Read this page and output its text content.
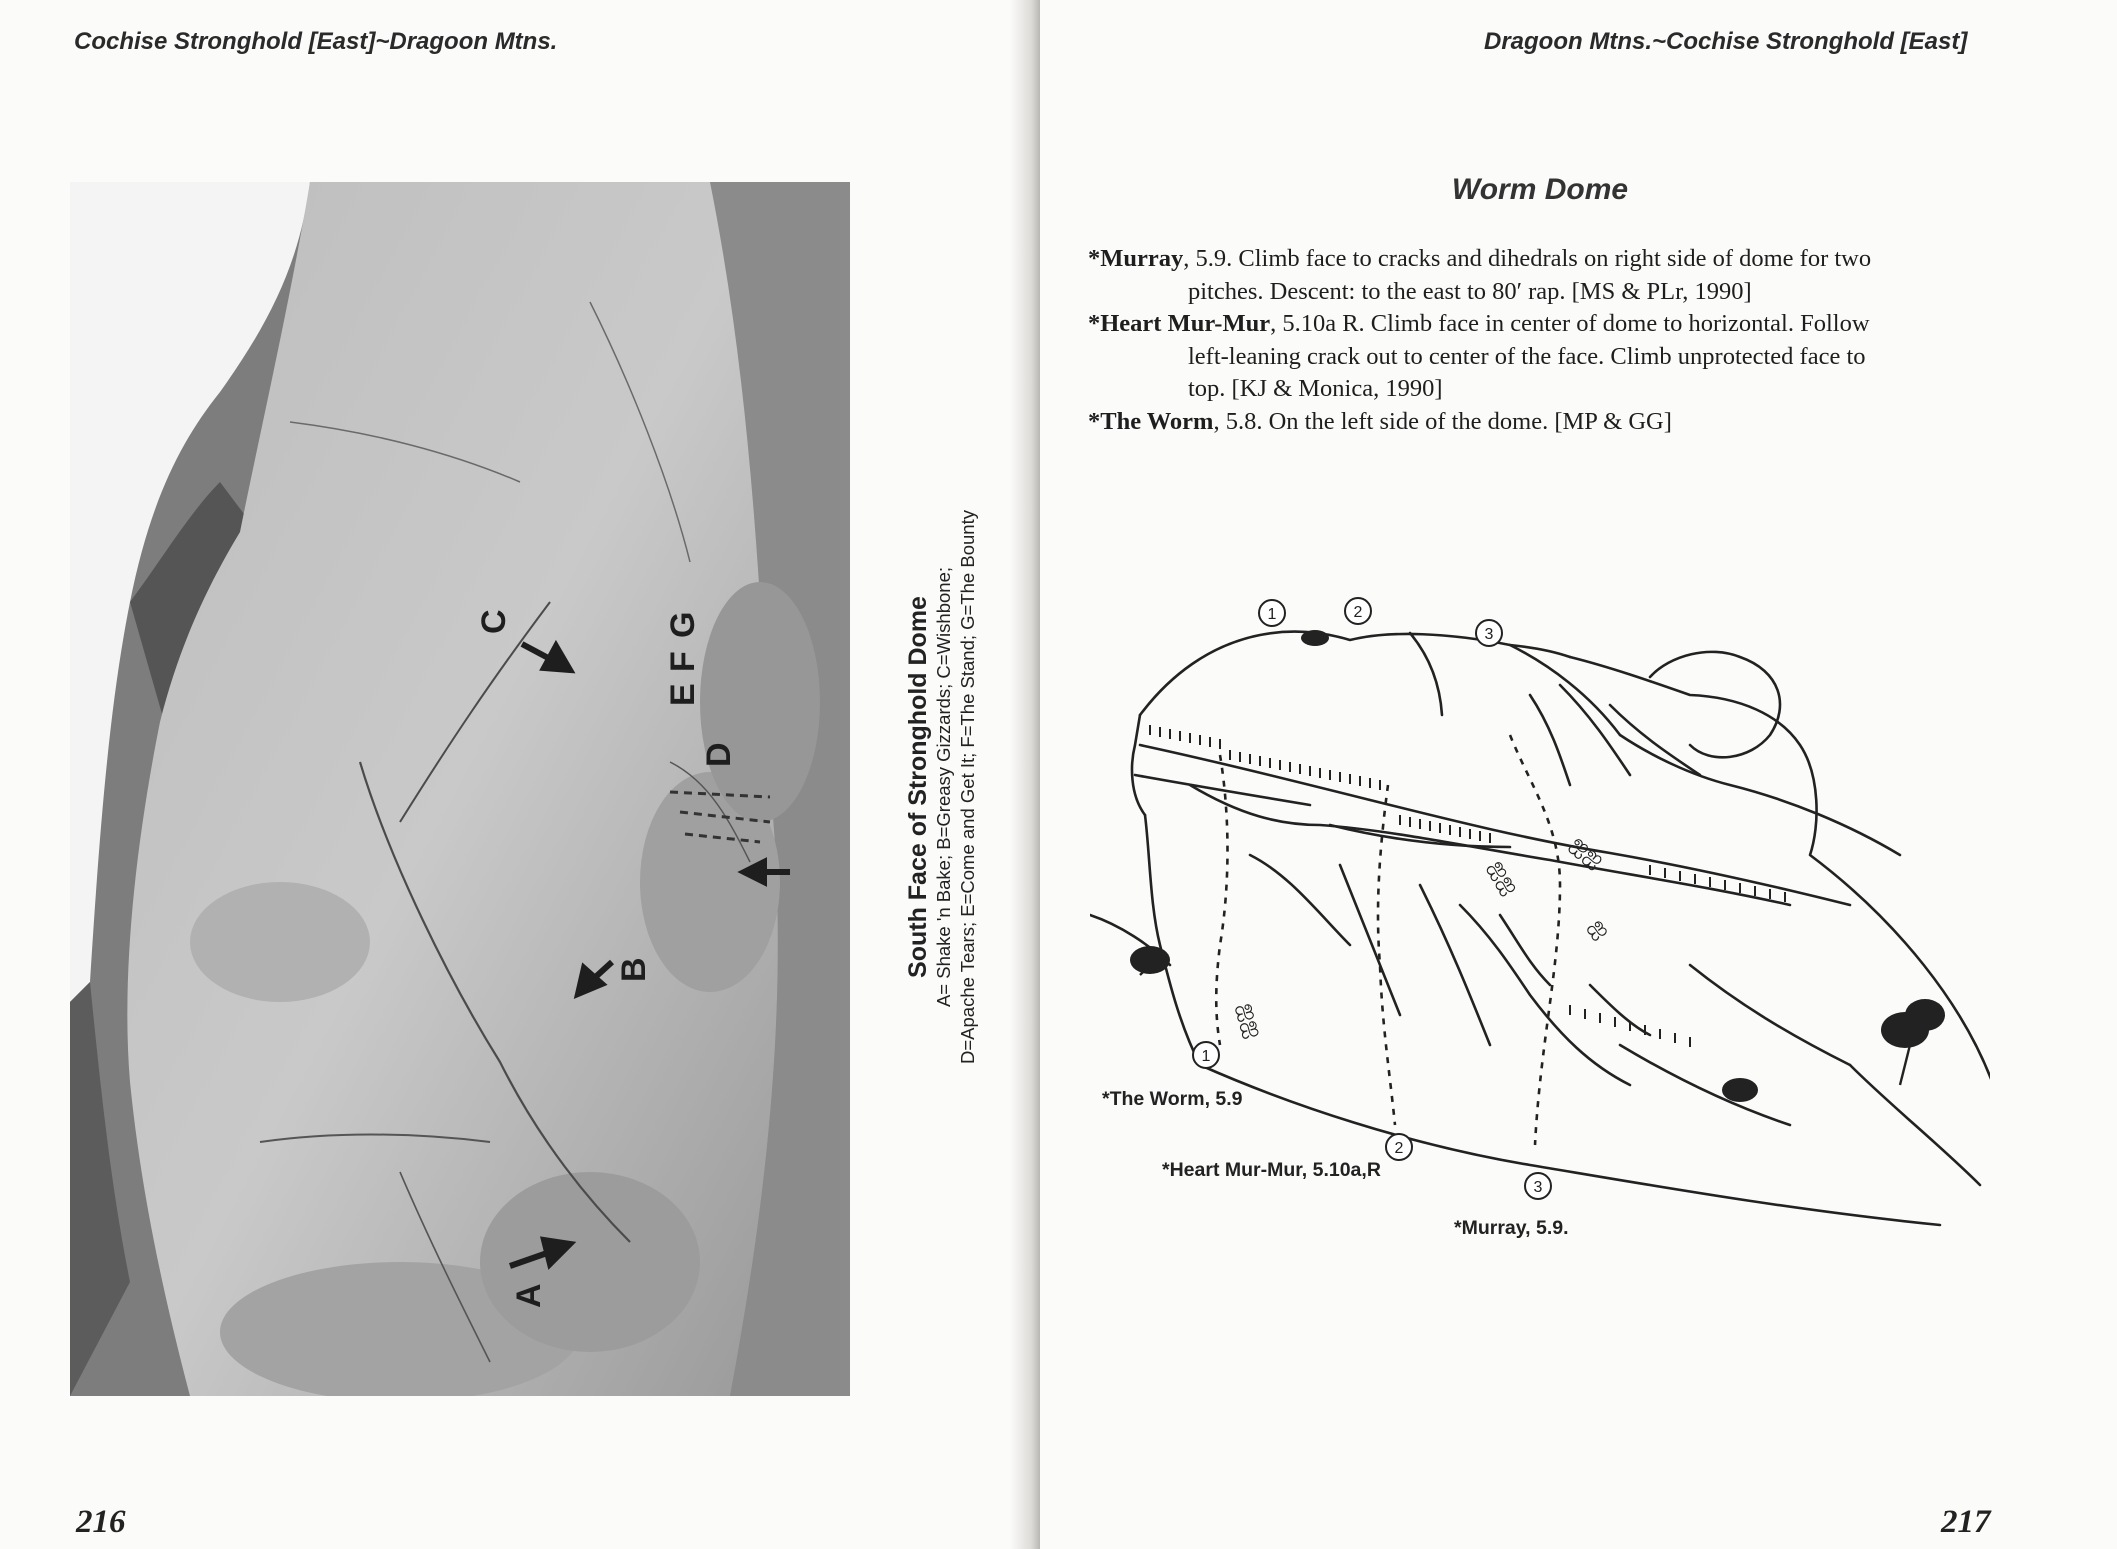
Cochise Stronghold [East]~Dragoon Mtns.
A
B
C
D
E
F
G	South Face of Stronghold Dome A= Shake 'n Bake; B=Greasy Gizzards; C=Wishbone; D=Apache Tears; E=Come and Get It; F=The Stand; G=The Bounty
216
Dragoon Mtns.~Cochise Stronghold [East]
Worm Dome
*Murray, 5.9. Climb face to cracks and dihedrals on right side of dome for two
pitches. Descent: to the east to 80′ rap. [MS & PLr, 1990]
*Heart Mur-Mur, 5.10a R. Climb face in center of dome to horizontal. Follow
left-leaning crack out to center of the face. Climb unprotected face to
top. [KJ & Monica, 1990]
*The Worm, 5.8. On the left side of the dome. [MP & GG]
ஐஐ
ஐஐ
ஐஐ
ஐ
1	2
3
1
2
3
*The Worm, 5.9
*Heart Mur-Mur, 5.10a,R
*Murray, 5.9.
217
